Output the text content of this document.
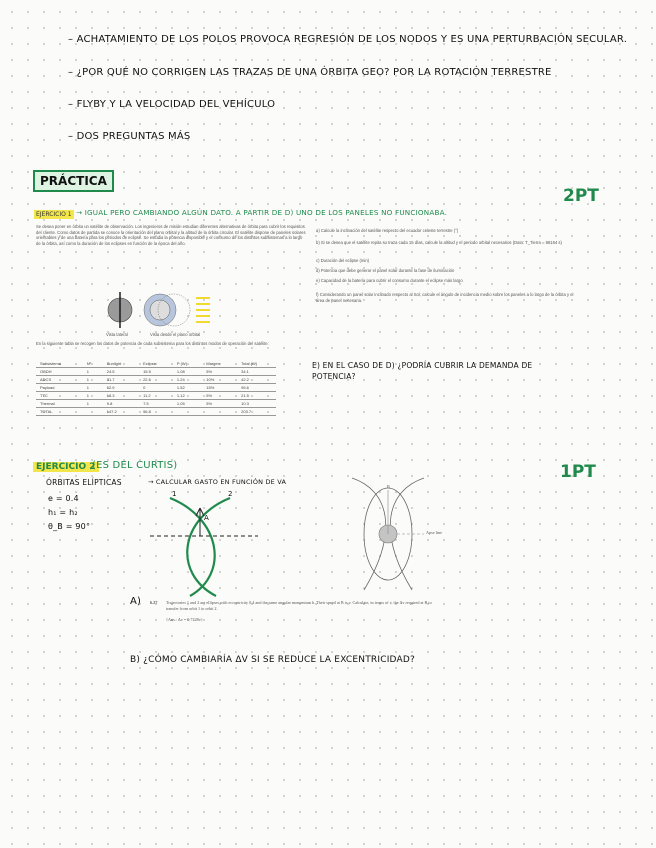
– ACHATAMIENTO DE LOS POLOS PROVOCA REGRESIÓN DE LOS NODOS Y ES UNA PERTURBACIÓN SECULAR.
– ¿POR QUÉ NO CORRIGEN LAS TRAZAS DE UNA ÓRBITA GEO? POR LA ROTACIÓN TERRESTRE
– FLYBY Y LA VELOCIDAD DEL VEHÍCULO
– DOS PREGUNTAS MÁS
PRÁCTICA
EJERCICIO 1 → IGUAL PERO CAMBIANDO ALGÚN DATO. A PARTIR DE D) UNO DE LOS PANELES NO FUNCIONABA.
2PT
Se desea poner en órbita un satélite de observación. Los ingenieros de misión estudian diferentes alternativas de órbita para cubrir los requisitos del cliente. Como datos de partida se conoce la orientación del plano orbital y la altitud de la órbita circular. El satélite dispone de paneles solares orientables y de una batería para los periodos de eclipse. Se estudia la potencia disponible y el consumo de los distintos subsistemas a lo largo de la órbita, así como la duración de los eclipses en función de la época del año.
Vista lateral	Vista desde el plano orbital
En la siguiente tabla se recogen los datos de potencia de cada subsistema para los distintos modos de operación del satélite:
Subsistema	Nº	Sunlight	Eclipse	P (W)	Margen	Total (W)
OBDH	1	24.5	15.5	1.08	5%	34.1
ADCS	1	31.7	22.6	1.24	10%	42.2
Payload	1	62.9	0	1.52	15%	95.6
TTC	1	18.3	11.2	1.12	5%	21.5
Thermal	1	9.8	7.5	1.05	5%	10.3
TOTAL		147.2	56.8			203.7
a) Calcule la inclinación del satélite respecto del ecuador celeste terrestre (°)
b) Si se desea que el satélite repita su traza cada 15 días, calcule la altitud y el periodo orbital necesarios (Dato: T_Tierra = 86164 s)
c) Duración del eclipse (min)
d) Potencia que debe generar el panel solar durante la fase de iluminación
e) Capacidad de la batería para cubrir el consumo durante el eclipse más largo
f) Considerando un panel solar inclinado respecto al Sol, calcule el ángulo de incidencia medio sobre los paneles a lo largo de la órbita y el área de panel necesaria.
E) EN EL CASO DE D) ¿PODRÍA CUBRIR LA DEMANDA DE POTENCIA?
EJERCICIO 2
(ES DEL CURTIS)	1PT
ÓRBITAS ELÍPTICAS
e = 0.4
h₁ = h₂
θ_B = 90°
→ CALCULAR GASTO EN FUNCIÓN DE VA
1	2
A
Apse line
B
A) 6.27 Trajectories 1 and 2 are ellipses with eccentricity 0.4 and the same angular momentum h. Their speed at B is v. Calculate, in terms of v, the Δv required at B to transfer from orbit 1 to orbit 2.
{Ans.: Δv = 0.7428v}
B) ¿CÓMO CAMBIARÍA ΔV SI SE REDUCE LA EXCENTRICIDAD?
